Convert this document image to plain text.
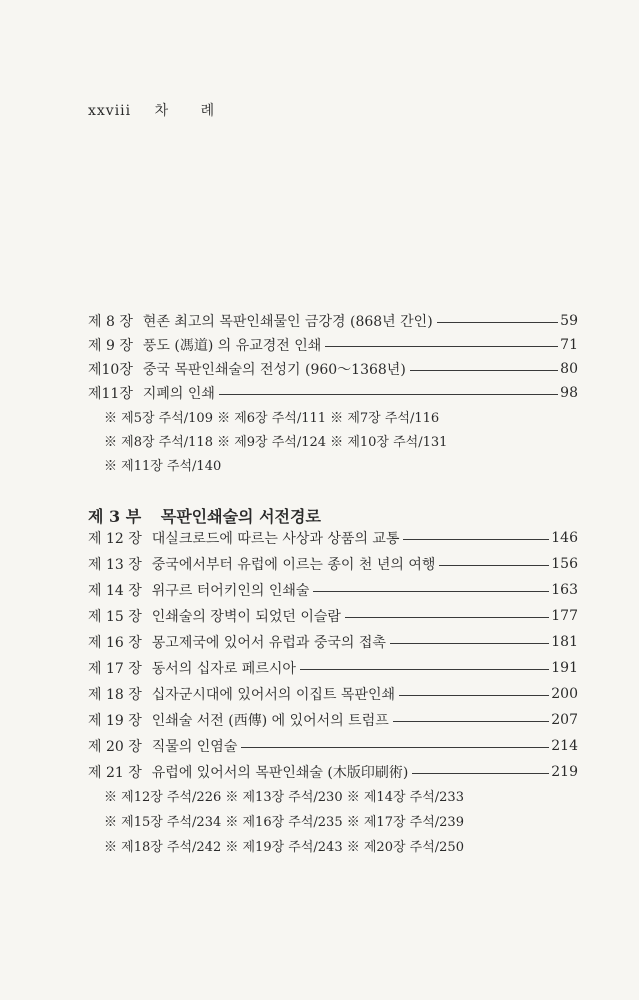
xxviii 차 례
제 8 장 현존 최고의 목판인쇄물인 금강경 (868년 간인)	59
제 9 장 풍도 (馮道) 의 유교경전 인쇄	71
제10장 중국 목판인쇄술의 전성기 (960～1368년)	80
제11장 지폐의 인쇄	98
※ 제5장 주석/109 ※ 제6장 주석/111 ※ 제7장 주석/116
※ 제8장 주석/118 ※ 제9장 주석/124 ※ 제10장 주석/131
※ 제11장 주석/140
제 3 부 목판인쇄술의 서전경로
제 12 장 대실크로드에 따르는 사상과 상품의 교통	146
제 13 장 중국에서부터 유럽에 이르는 종이 천 년의 여행	156
제 14 장 위구르 터어키인의 인쇄술	163
제 15 장 인쇄술의 장벽이 되었던 이슬람	177
제 16 장 몽고제국에 있어서 유럽과 중국의 접촉	181
제 17 장 동서의 십자로 페르시아	191
제 18 장 십자군시대에 있어서의 이집트 목판인쇄	200
제 19 장 인쇄술 서전 (西傳) 에 있어서의 트럼프	207
제 20 장 직물의 인염술	214
제 21 장 유럽에 있어서의 목판인쇄술 (木版印刷術)	219
※ 제12장 주석/226 ※ 제13장 주석/230 ※ 제14장 주석/233
※ 제15장 주석/234 ※ 제16장 주석/235 ※ 제17장 주석/239
※ 제18장 주석/242 ※ 제19장 주석/243 ※ 제20장 주석/250
